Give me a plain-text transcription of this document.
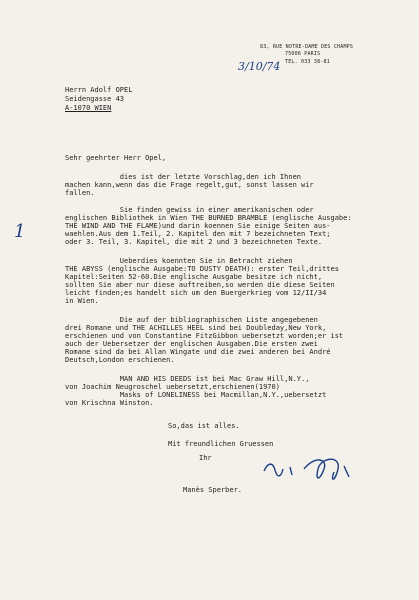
83, RUE NOTRE-DAME DES CHAMPS
75006 PARIS
TEL. 033 38-81
3/10/74
Herrn Adolf OPEL
Seidengasse 43
A-1070 WIEN
Sehr geehrter Herr Opel,
dies ist der letzte Vorschlag,den ich Ihnen
machen kann,wenn das die Frage regelt,gut, sonst lassen wir
fallen.
1
Sie finden gewiss in einer amerikanischen oder
englischen Bibliothek in Wien THE BURNED BRAMBLE (englische Ausgabe:
THE WIND AND THE FLAME)und darin koennen Sie einige Seiten aus-
waehlen.Aus dem 1.Teil, 2. Kapitel den mit 7 bezeichneten Text;
oder 3. Teil, 3. Kapitel, die mit 2 und 3 bezeichneten Texte.
Ueberdies koennten Sie in Betracht ziehen
THE ABYSS (englische Ausgabe:TO DUSTY DEATH): erster Teil,drittes
Kapitel:Seiten 52-60.Die englische Ausgabe besitze ich nicht,
sollten Sie aber nur diese auftreiben,so werden die diese Seiten
leicht finden;es handelt sich um den Buergerkrieg vom 12/II/34
in Wien.
Die auf der bibliographischen Liste angegebenen
drei Romane und THE ACHILLES HEEL sind bei Doubleday,New York,
erschienen und von Constantine FitzGibbon uebersetzt worden;er ist
auch der Uebersetzer der englischen Ausgaben.Die ersten zwei
Romane sind da bei Allan Wingate und die zwei anderen bei André
Deutsch,London erschienen.
MAN AND HIS DEEDS ist bei Mac Graw Hill,N.Y.,
von Joachim Neugroschel uebersetzt,erschienen(1970)
Masks of LONELINESS bei Macmillan,N.Y.,uebersetzt
von Krischna Winston.
So,das ist alles.
Mit freundlichen Gruessen
Ihr
Manès Sperber.
